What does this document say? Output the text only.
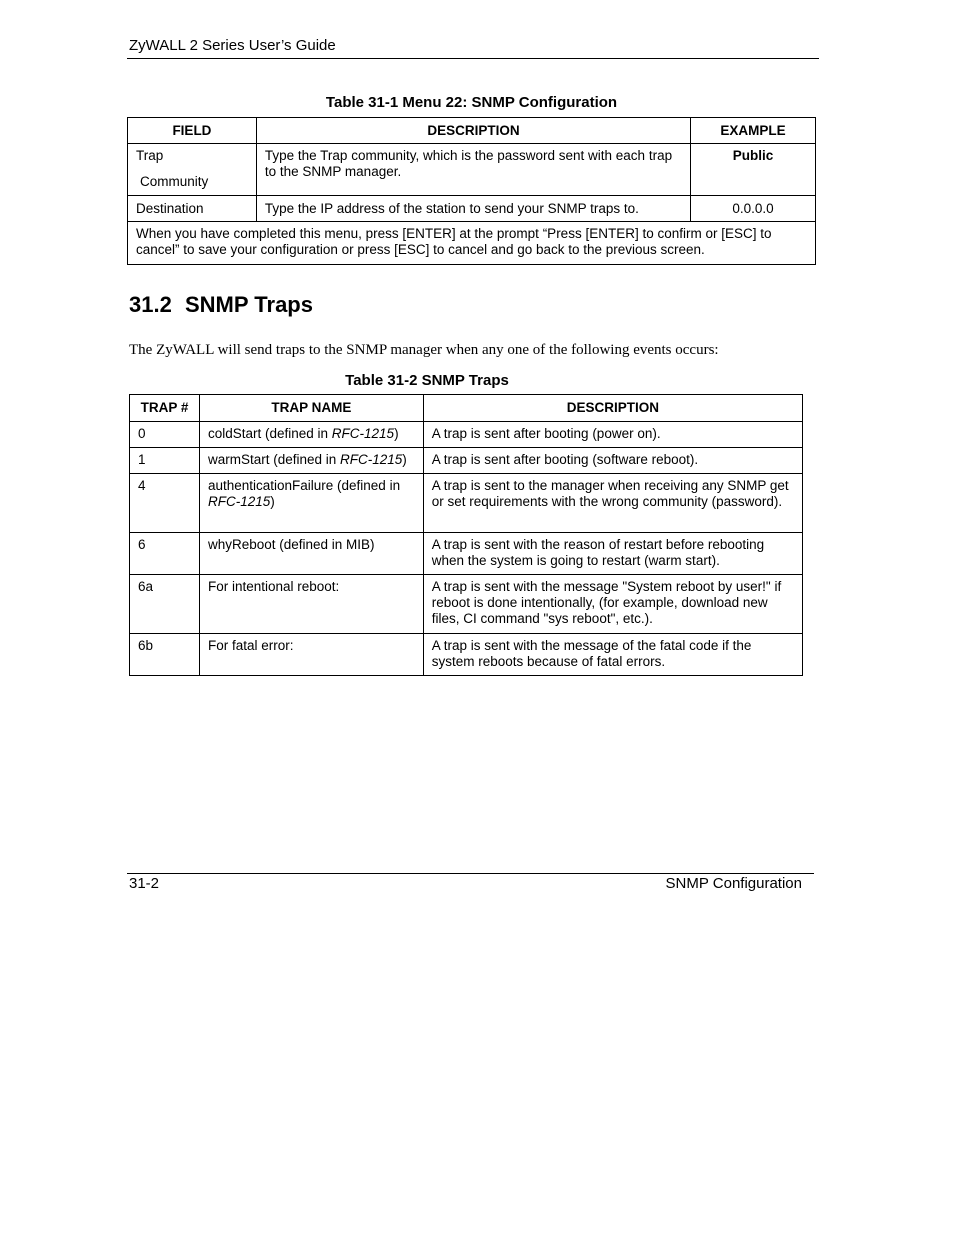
ZyWALL 2 Series User’s Guide
Table 31-1 Menu 22: SNMP Configuration
FIELD	DESCRIPTION	EXAMPLE
Trap
Community	Type the Trap community, which is the password sent with each trap to the SNMP manager.	Public
Destination	Type the IP address of the station to send your SNMP traps to.	0.0.0.0
When you have completed this menu, press [ENTER] at the prompt “Press [ENTER] to confirm or [ESC] to cancel” to save your configuration or press [ESC] to cancel and go back to the previous screen.		
31.2 SNMP Traps
The ZyWALL will send traps to the SNMP manager when any one of the following events occurs:
Table 31-2 SNMP Traps
TRAP #	TRAP NAME	DESCRIPTION
0	coldStart (defined in RFC-1215)	A trap is sent after booting (power on).
1	warmStart (defined in RFC-1215)	A trap is sent after booting (software reboot).
4	authenticationFailure (defined in RFC-1215)	A trap is sent to the manager when receiving any SNMP get or set requirements with the wrong community (password).
6	whyReboot (defined in MIB)	A trap is sent with the reason of restart before rebooting when the system is going to restart (warm start).
6a	For intentional reboot:	A trap is sent with the message "System reboot by user!" if reboot is done intentionally, (for example, download new files, CI command "sys reboot", etc.).
6b	For fatal error:	A trap is sent with the message of the fatal code if the system reboots because of fatal errors.
31-2	SNMP Configuration
